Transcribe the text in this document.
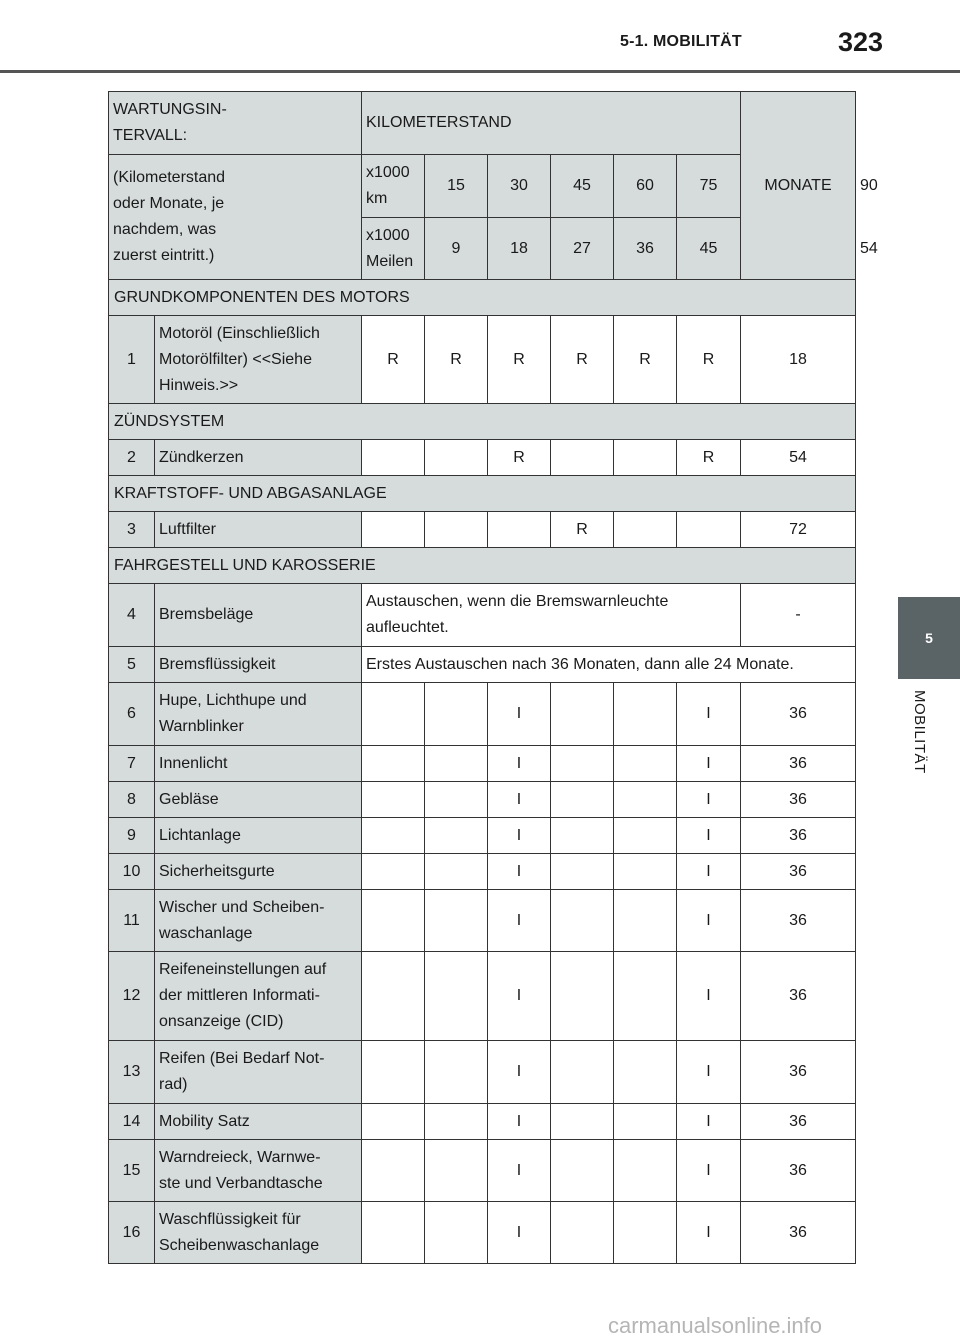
5-1. MOBILITÄT	323
5
MOBILITÄT
WARTUNGSIN-
TERVALL:		KILOMETERSTAND						MONATE	
(Kilometerstand
oder Monate, je
nachdem, was
zuerst eintritt.)		x1000
km	15	30	45	60	75		90
		x1000
Meilen	9	18	27	36	45		54
GRUNDKOMPONENTEN DES MOTORS									
1	Motoröl (Einschließlich
Motorölfilter) <<Siehe
Hinweis.>>	R	R	R	R	R	R	18	
ZÜNDSYSTEM									
2	Zündkerzen			R			R	54	
KRAFTSTOFF- UND ABGASANLAGE									
3	Luftfilter				R			72	
FAHRGESTELL UND KAROSSERIE									
4	Bremsbeläge	Austauschen, wenn die Bremswarnleuchte
aufleuchtet.						-	
5	Bremsflüssigkeit	Erstes Austauschen nach 36 Monaten, dann alle 24 Monate.							
6	Hupe, Lichthupe und
Warnblinker			I			I	36	
7	Innenlicht			I			I	36	
8	Gebläse			I			I	36	
9	Lichtanlage			I			I	36	
10	Sicherheitsgurte			I			I	36	
11	Wischer und Scheiben-
waschanlage			I			I	36	
12	Reifeneinstellungen auf
der mittleren Informati-
onsanzeige (CID)			I			I	36	
13	Reifen (Bei Bedarf Not-
rad)			I			I	36	
14	Mobility Satz			I			I	36	
15	Warndreieck, Warnwe-
ste und Verbandtasche			I			I	36	
16	Waschflüssigkeit für
Scheibenwaschanlage			I			I	36	
carmanualsonline.info
